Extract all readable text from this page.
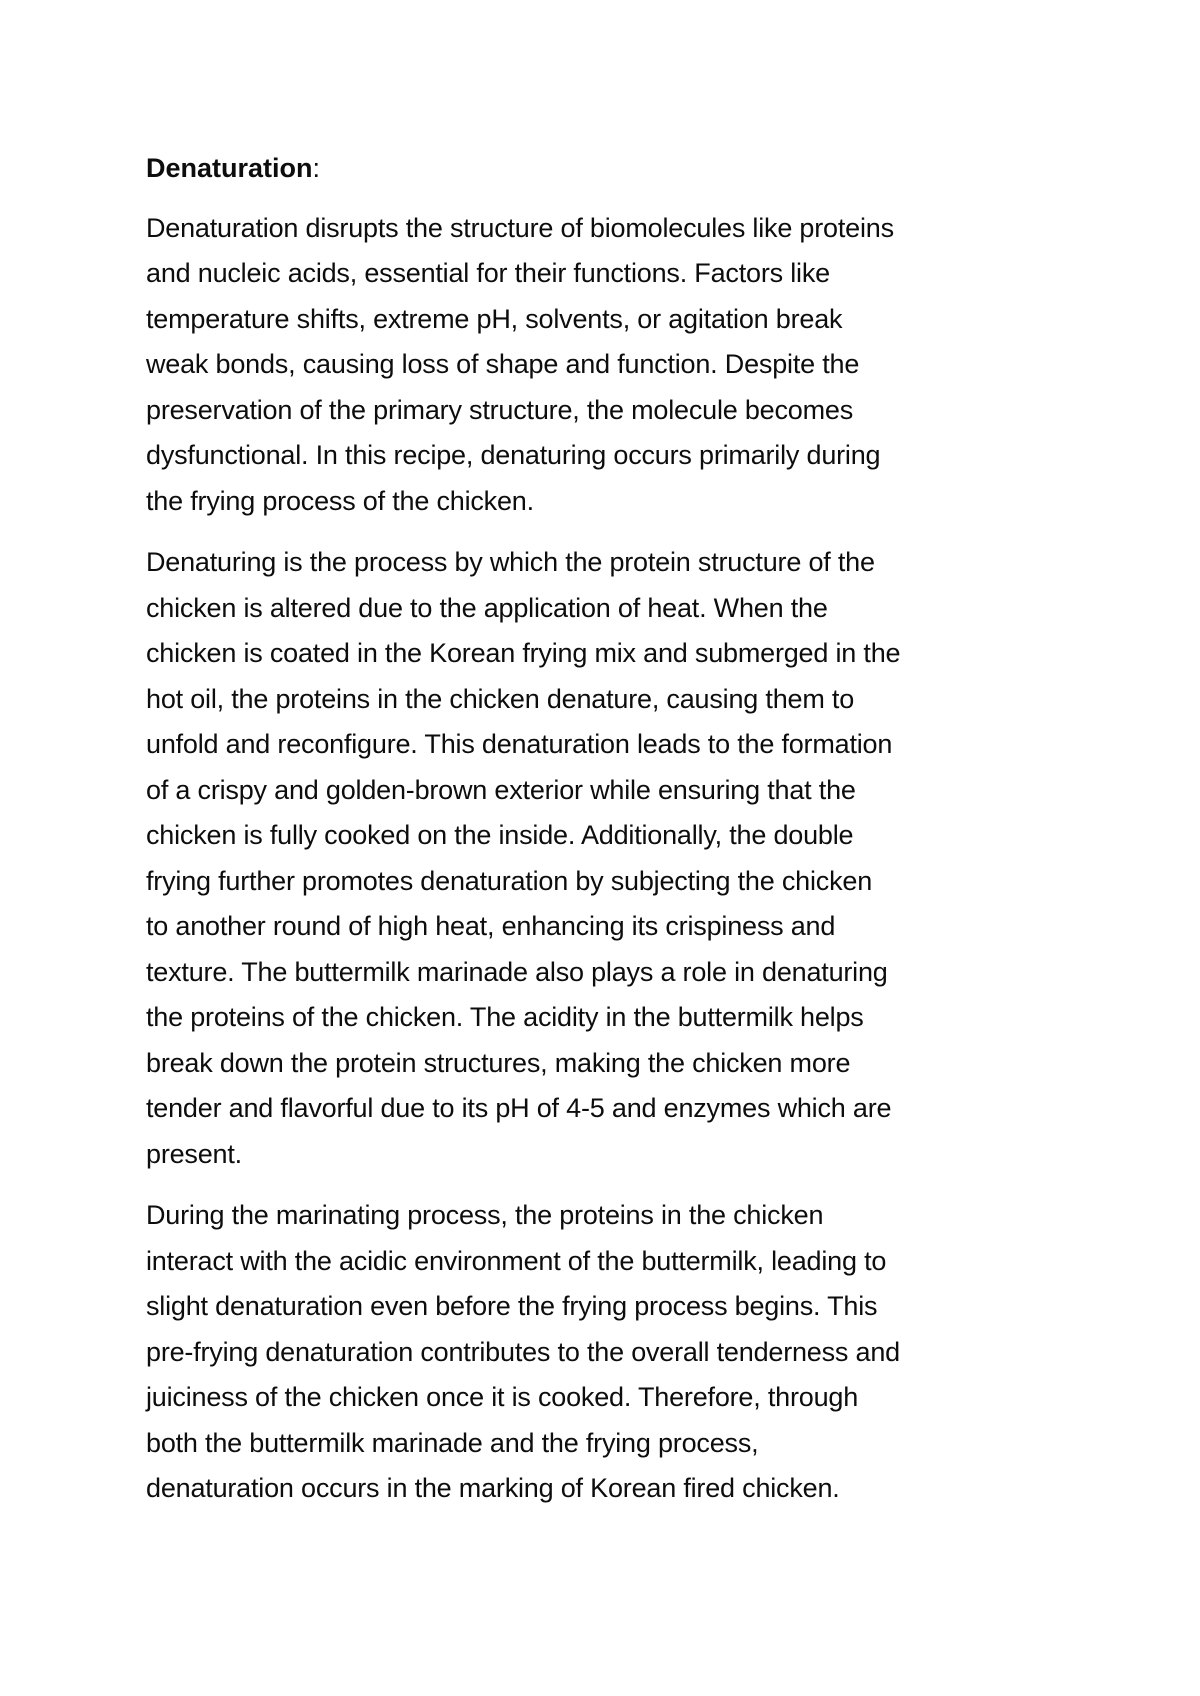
Denaturation:

Denaturation disrupts the structure of biomolecules like proteins
and nucleic acids, essential for their functions. Factors like
temperature shifts, extreme pH, solvents, or agitation break
weak bonds, causing loss of shape and function. Despite the
preservation of the primary structure, the molecule becomes
dysfunctional. In this recipe, denaturing occurs primarily during
the frying process of the chicken.

Denaturing is the process by which the protein structure of the
chicken is altered due to the application of heat. When the
chicken is coated in the Korean frying mix and submerged in the
hot oil, the proteins in the chicken denature, causing them to
unfold and reconfigure. This denaturation leads to the formation
of a crispy and golden-brown exterior while ensuring that the
chicken is fully cooked on the inside. Additionally, the double
frying further promotes denaturation by subjecting the chicken
to another round of high heat, enhancing its crispiness and
texture. The buttermilk marinade also plays a role in denaturing
the proteins of the chicken. The acidity in the buttermilk helps
break down the protein structures, making the chicken more
tender and flavorful due to its pH of 4-5 and enzymes which are
present.

During the marinating process, the proteins in the chicken
interact with the acidic environment of the buttermilk, leading to
slight denaturation even before the frying process begins. This
pre-frying denaturation contributes to the overall tenderness and
juiciness of the chicken once it is cooked. Therefore, through
both the buttermilk marinade and the frying process,
denaturation occurs in the marking of Korean fired chicken.
